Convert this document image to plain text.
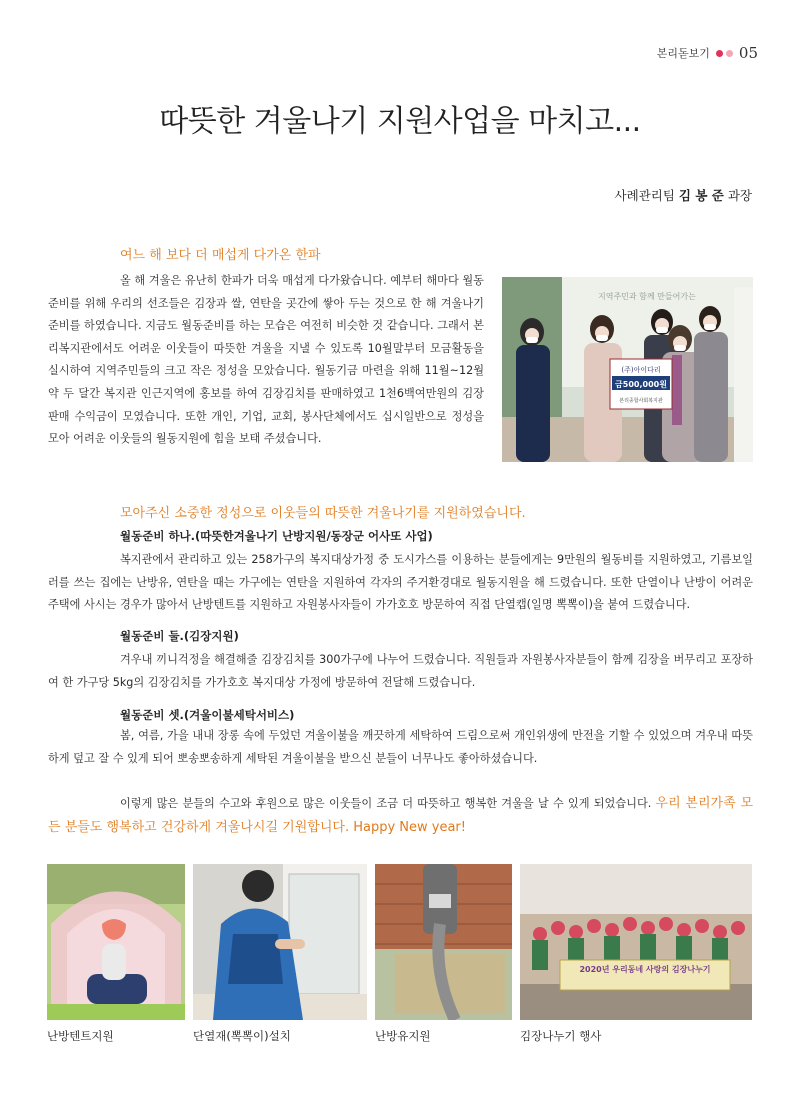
본리돋보기 05
따뜻한 겨울나기 지원사업을 마치고...
사례관리팀 김 봉 준 과장
여느 해 보다 더 매섭게 다가온 한파

올 해 겨울은 유난히 한파가 더욱 매섭게 다가왔습니다. 예부터 해마다 월동준비를 위해 우리의 선조들은 김장과 쌀, 연탄을 곳간에 쌓아 두는 것으로 한 해 겨울나기 준비를 하였습니다. 지금도 월동준비를 하는 모습은 여전히 비슷한 것 같습니다. 그래서 본리복지관에서도 어려운 이웃들이 따뜻한 겨울을 지낼 수 있도록 10월말부터 모금활동을 실시하여 지역주민들의 크고 작은 정성을 모았습니다. 월동기금 마련을 위해 11월~12월 약 두 달간 복지관 인근지역에 홍보를 하여 김장김치를 판매하였고 1천6백여만원의 김장 판매 수익금이 모였습니다. 또한 개인, 기업, 교회, 봉사단체에서도 십시일반으로 정성을 모아 어려운 이웃들의 월동지원에 힘을 보태 주셨습니다.

지역주민과 함께 만들어가는
(주)아이다리
금500,000원
본리종합사회복지관
모아주신 소중한 정성으로 이웃들의 따뜻한 겨울나기를 지원하였습니다.
월동준비 하나.(따뜻한겨울나기 난방지원/동장군 어사또 사업)

복지관에서 관리하고 있는 258가구의 복지대상가정 중 도시가스를 이용하는 분들에게는 9만원의 월동비를 지원하였고, 기름보일러를 쓰는 집에는 난방유, 연탄을 때는 가구에는 연탄을 지원하여 각자의 주거환경대로 월동지원을 해 드렸습니다. 또한 단열이나 난방이 어려운 주택에 사시는 경우가 많아서 난방텐트를 지원하고 자원봉사자들이 가가호호 방문하여 직접 단열캡(일명 뽁뽁이)을 붙여 드렸습니다.

월동준비 둘.(김장지원)

겨우내 끼니걱정을 해결해줄 김장김치를 300가구에 나누어 드렸습니다. 직원들과 자원봉사자분들이 함께 김장을 버무리고 포장하여 한 가구당 5kg의 김장김치를 가가호호 복지대상 가정에 방문하여 전달해 드렸습니다.

월동준비 셋.(겨울이불세탁서비스)

봄, 여름, 가을 내내 장롱 속에 두었던 겨울이불을 깨끗하게 세탁하여 드림으로써 개인위생에 만전을 기할 수 있었으며 겨우내 따뜻하게 덮고 잘 수 있게 되어 뽀송뽀송하게 세탁된 겨울이불을 받으신 분들이 너무나도 좋아하셨습니다.

이렇게 많은 분들의 수고와 후원으로 많은 이웃들이 조금 더 따뜻하고 행복한 겨울을 날 수 있게 되었습니다. 우리 본리가족 모든 분들도 행복하고 건강하게 겨울나시길 기원합니다. Happy New year!

2020년 우리동네 사랑의 김장나누기
난방텐트지원	단열재(뽁뽁이)설치	난방유지원	김장나누기 행사
